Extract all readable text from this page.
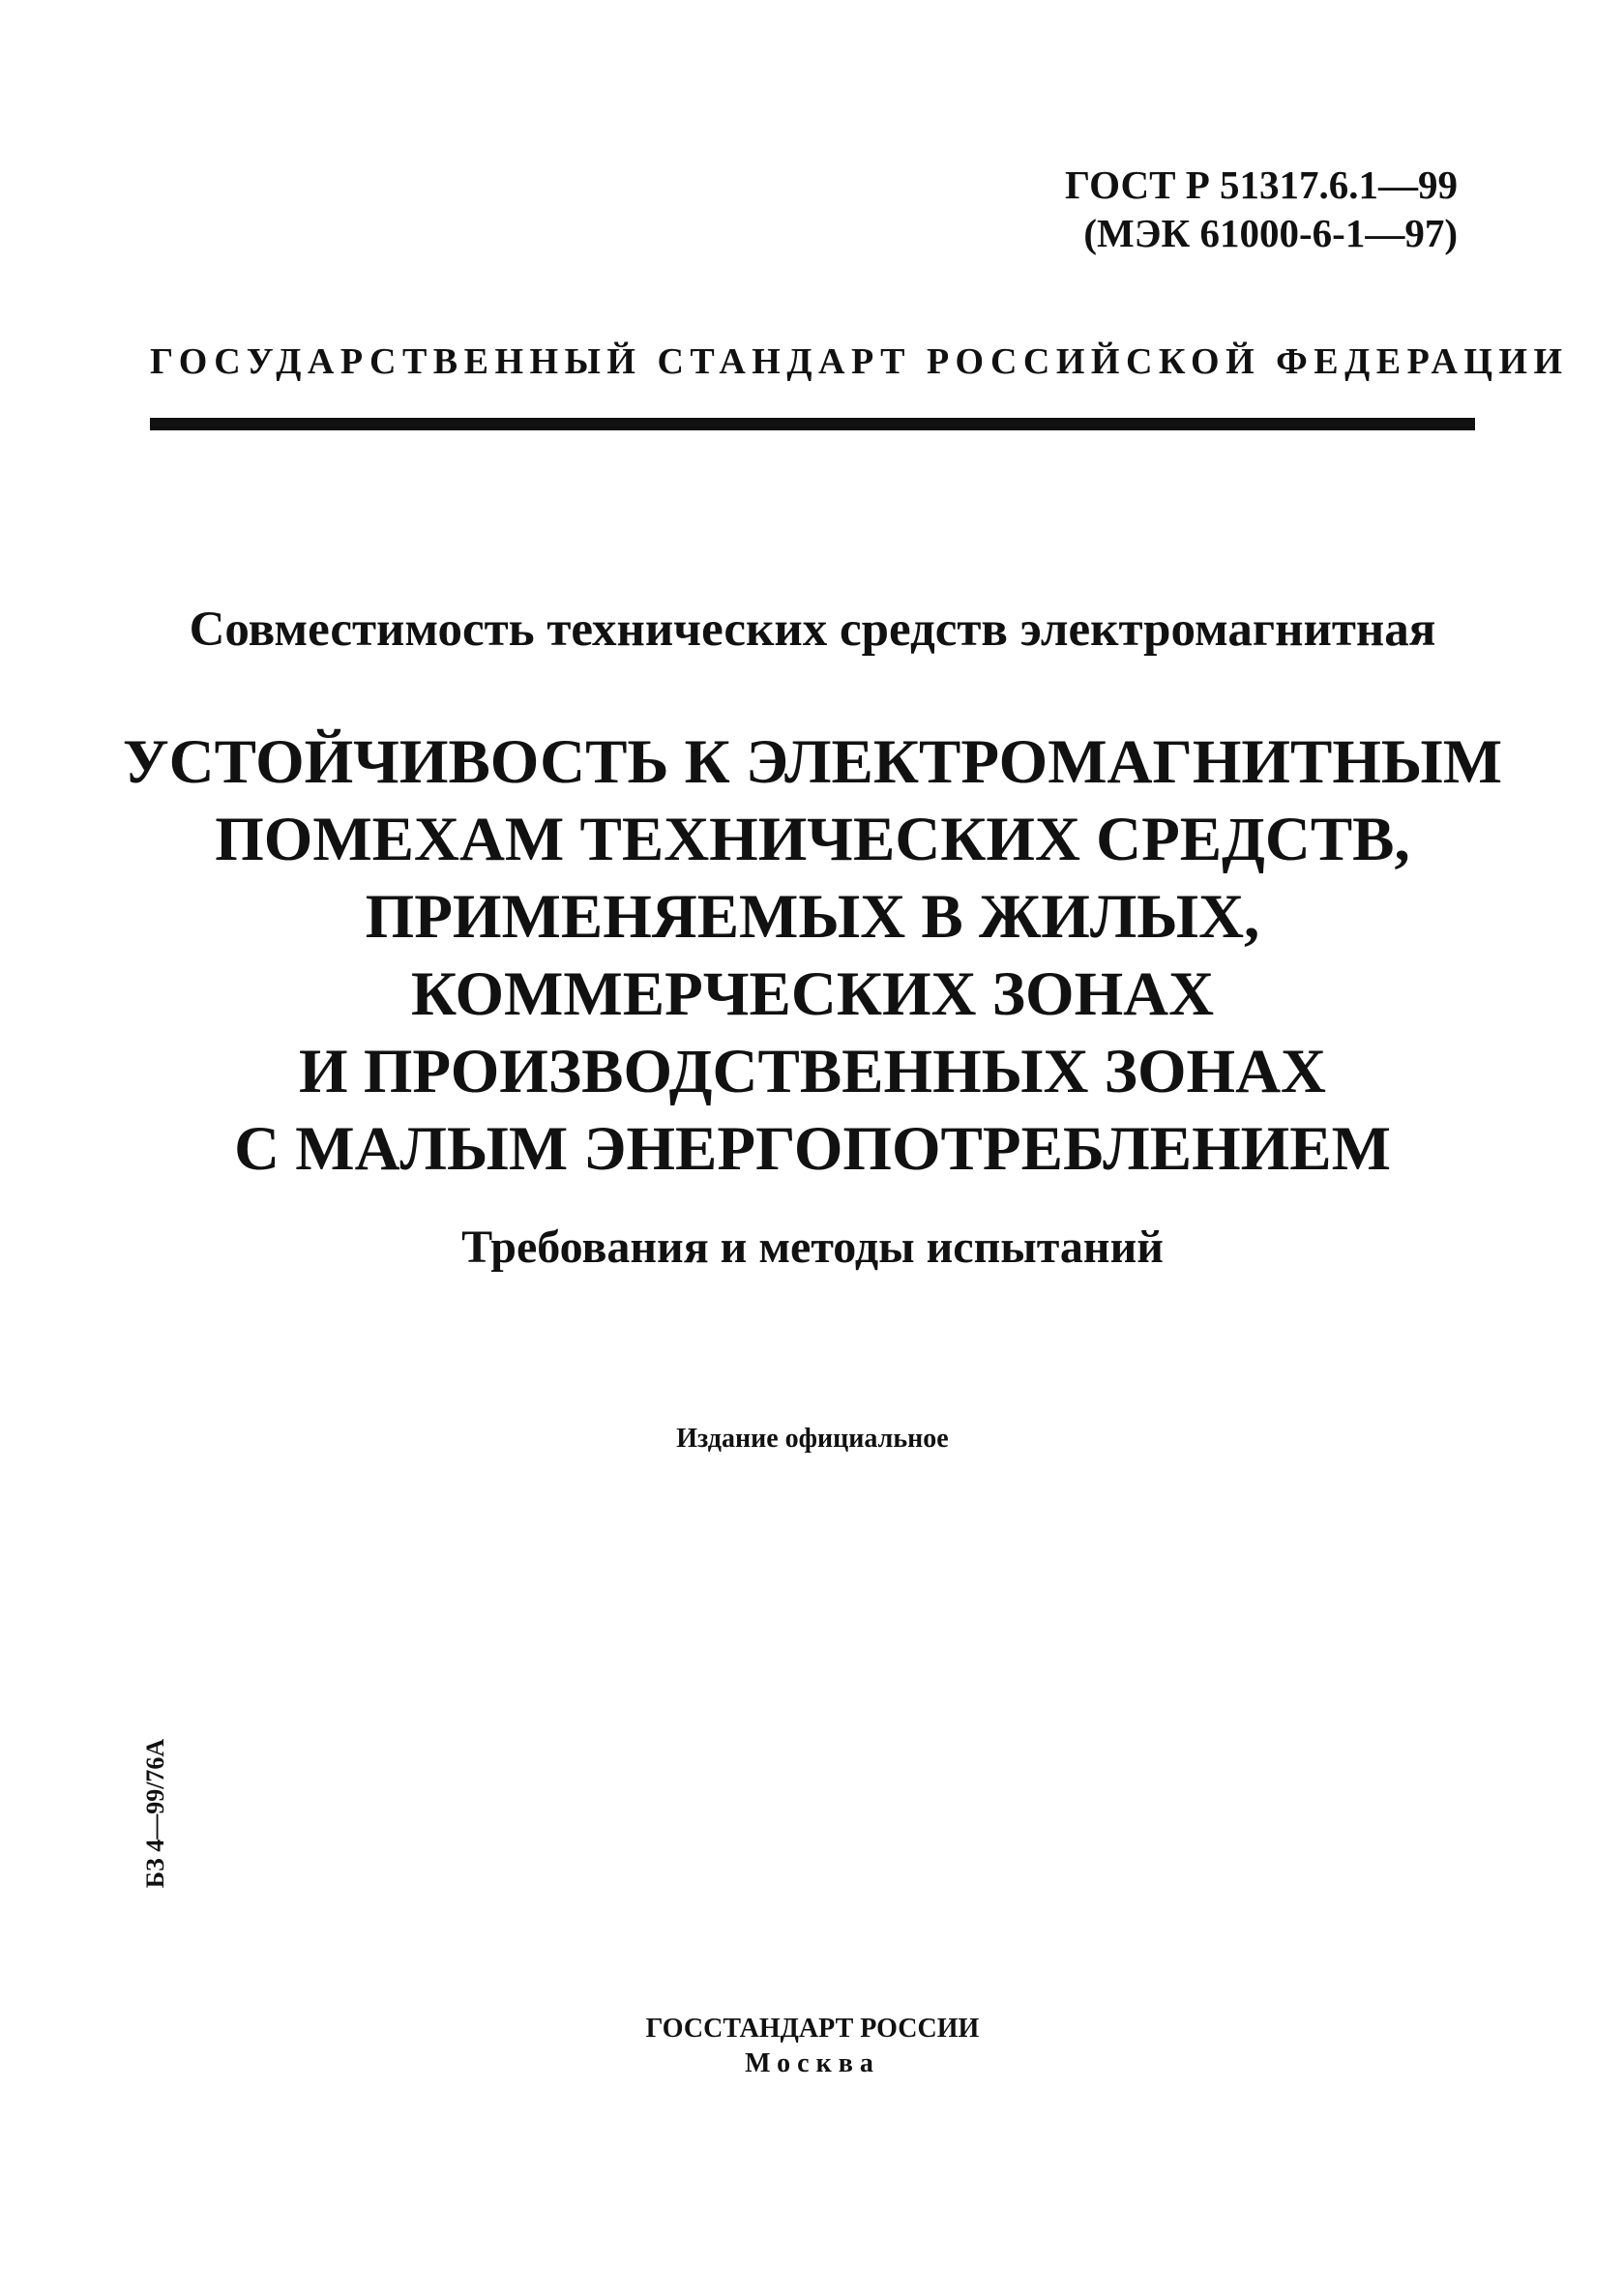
ГОСТ Р 51317.6.1—99
(МЭК 61000-6-1—97)
ГОСУДАРСТВЕННЫЙ СТАНДАРТ РОССИЙСКОЙ ФЕДЕРАЦИИ
Совместимость технических средств электромагнитная
УСТОЙЧИВОСТЬ К ЭЛЕКТРОМАГНИТНЫМ
ПОМЕХАМ ТЕХНИЧЕСКИХ СРЕДСТВ,
ПРИМЕНЯЕМЫХ В ЖИЛЫХ,
КОММЕРЧЕСКИХ ЗОНАХ
И ПРОИЗВОДСТВЕННЫХ ЗОНАХ
С МАЛЫМ ЭНЕРГОПОТРЕБЛЕНИЕМ
Требования и методы испытаний
Издание официальное
БЗ 4—99/76А
ГОССТАНДАРТ РОССИИ
Москва
